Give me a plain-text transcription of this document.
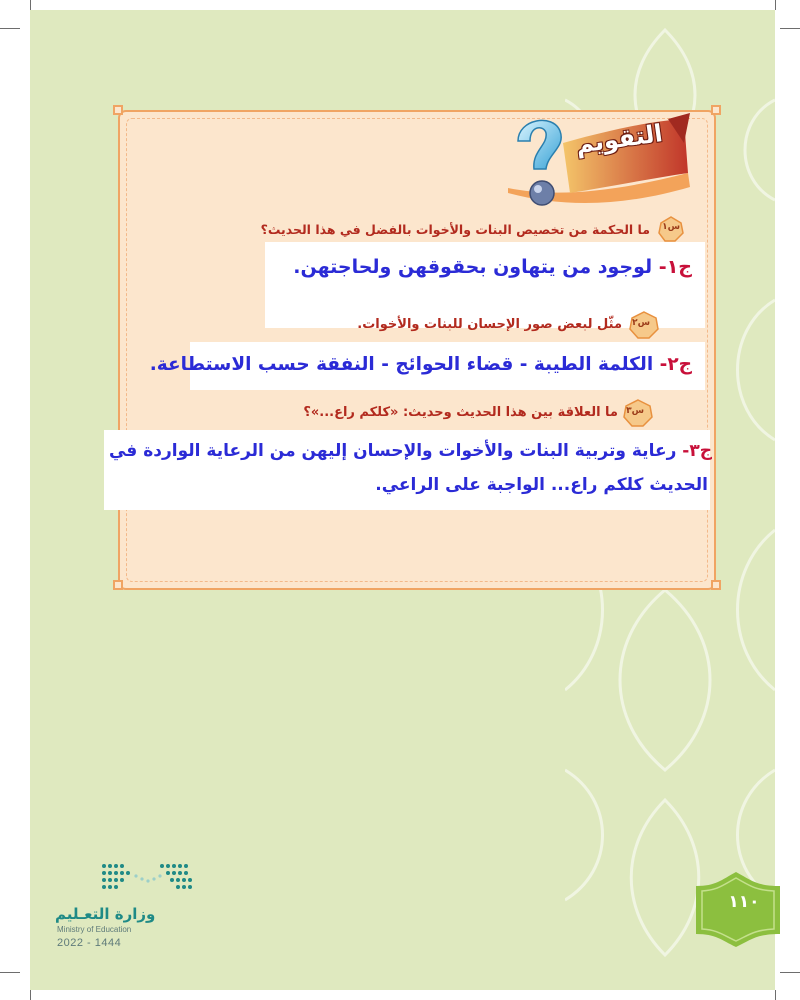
التقويم
س١
س٢
س٣
ما الحكمة من تخصيص البنات والأخوات بالفضل في هذا الحديث؟
مثّل لبعض صور الإحسان للبنات والأخوات.
ما العلاقة بين هذا الحديث وحديث: «كلكم راع...»؟
ج١- لوجود من يتهاون بحقوقهن ولحاجتهن.
ج٢- الكلمة الطيبة - قضاء الحوائج - النفقة حسب الاستطاعة.
ج٣- رعاية وتربية البنات والأخوات والإحسان إليهن من الرعاية الواردة في
الحديث كلكم راع... الواجبة على الراعي.
وزارة التعـليم
Ministry of Education
2022 - 1444
١١٠
